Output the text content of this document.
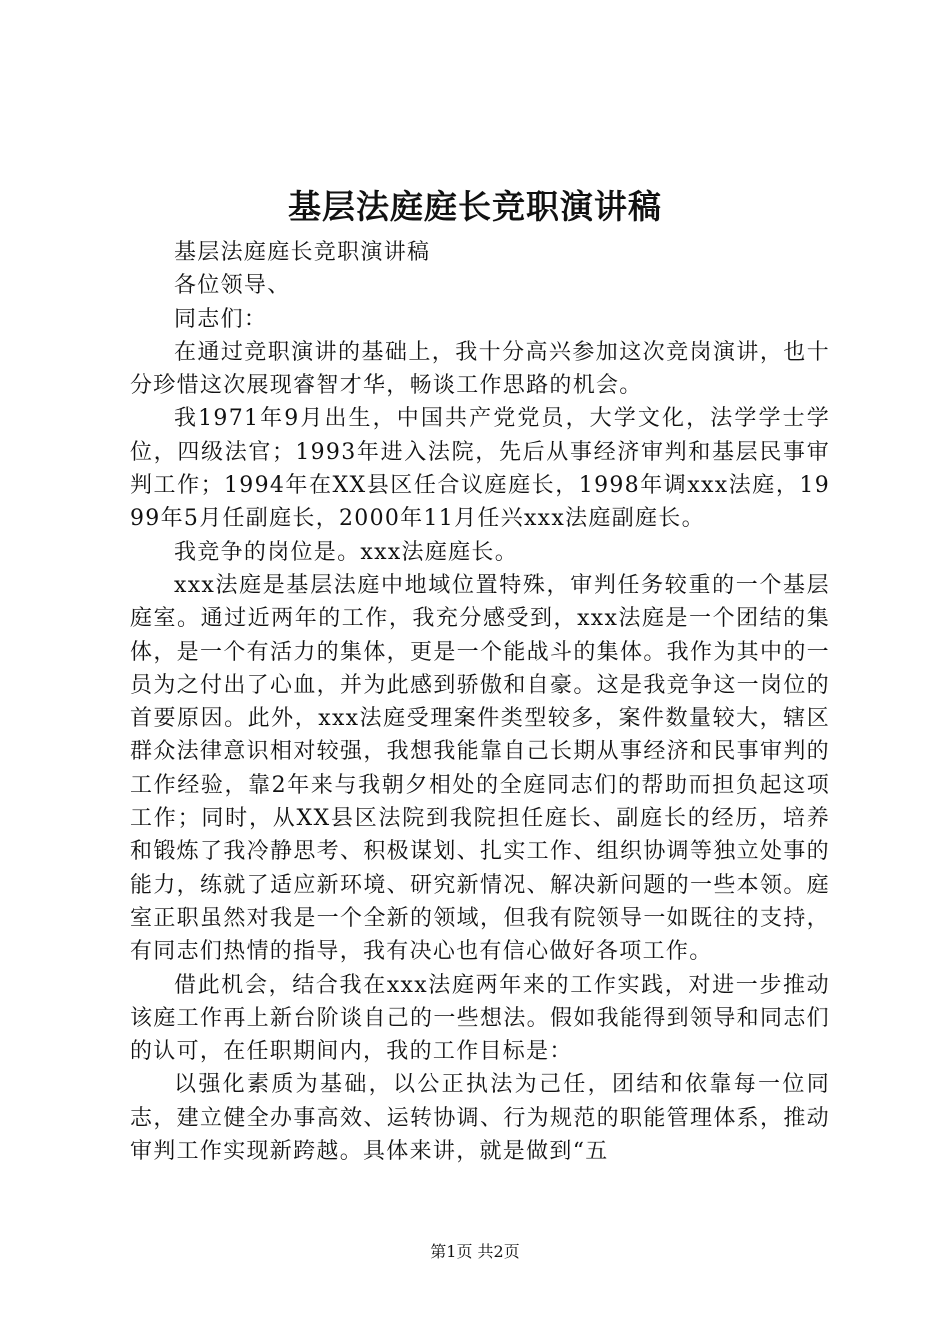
基层法庭庭长竞职演讲稿

基层法庭庭长竞职演讲稿

各位领导、

同志们：

在通过竞职演讲的基础上，我十分高兴参加这次竞岗演讲，也十分珍惜这次展现睿智才华，畅谈工作思路的机会。

我1971年9月出生，中国共产党党员，大学文化，法学学士学位，四级法官；1993年进入法院，先后从事经济审判和基层民事审判工作；1994年在XX县区任合议庭庭长，1998年调xxx法庭，1999年5月任副庭长，2000年11月任兴xxx法庭副庭长。

我竞争的岗位是。xxx法庭庭长。

xxx法庭是基层法庭中地域位置特殊，审判任务较重的一个基层庭室。通过近两年的工作，我充分感受到，xxx法庭是一个团结的集体，是一个有活力的集体，更是一个能战斗的集体。我作为其中的一员为之付出了心血，并为此感到骄傲和自豪。这是我竞争这一岗位的首要原因。此外，xxx法庭受理案件类型较多，案件数量较大，辖区群众法律意识相对较强，我想我能靠自己长期从事经济和民事审判的工作经验，靠2年来与我朝夕相处的全庭同志们的帮助而担负起这项工作；同时，从XX县区法院到我院担任庭长、副庭长的经历，培养和锻炼了我冷静思考、积极谋划、扎实工作、组织协调等独立处事的能力，练就了适应新环境、研究新情况、解决新问题的一些本领。庭室正职虽然对我是一个全新的领域，但我有院领导一如既往的支持，有同志们热情的指导，我有决心也有信心做好各项工作。

借此机会，结合我在xxx法庭两年来的工作实践，对进一步推动该庭工作再上新台阶谈自己的一些想法。假如我能得到领导和同志们的认可，在任职期间内，我的工作目标是：

以强化素质为基础，以公正执法为己任，团结和依靠每一位同志，建立健全办事高效、运转协调、行为规范的职能管理体系，推动审判工作实现新跨越。具体来讲，就是做到“五

第1页 共2页
